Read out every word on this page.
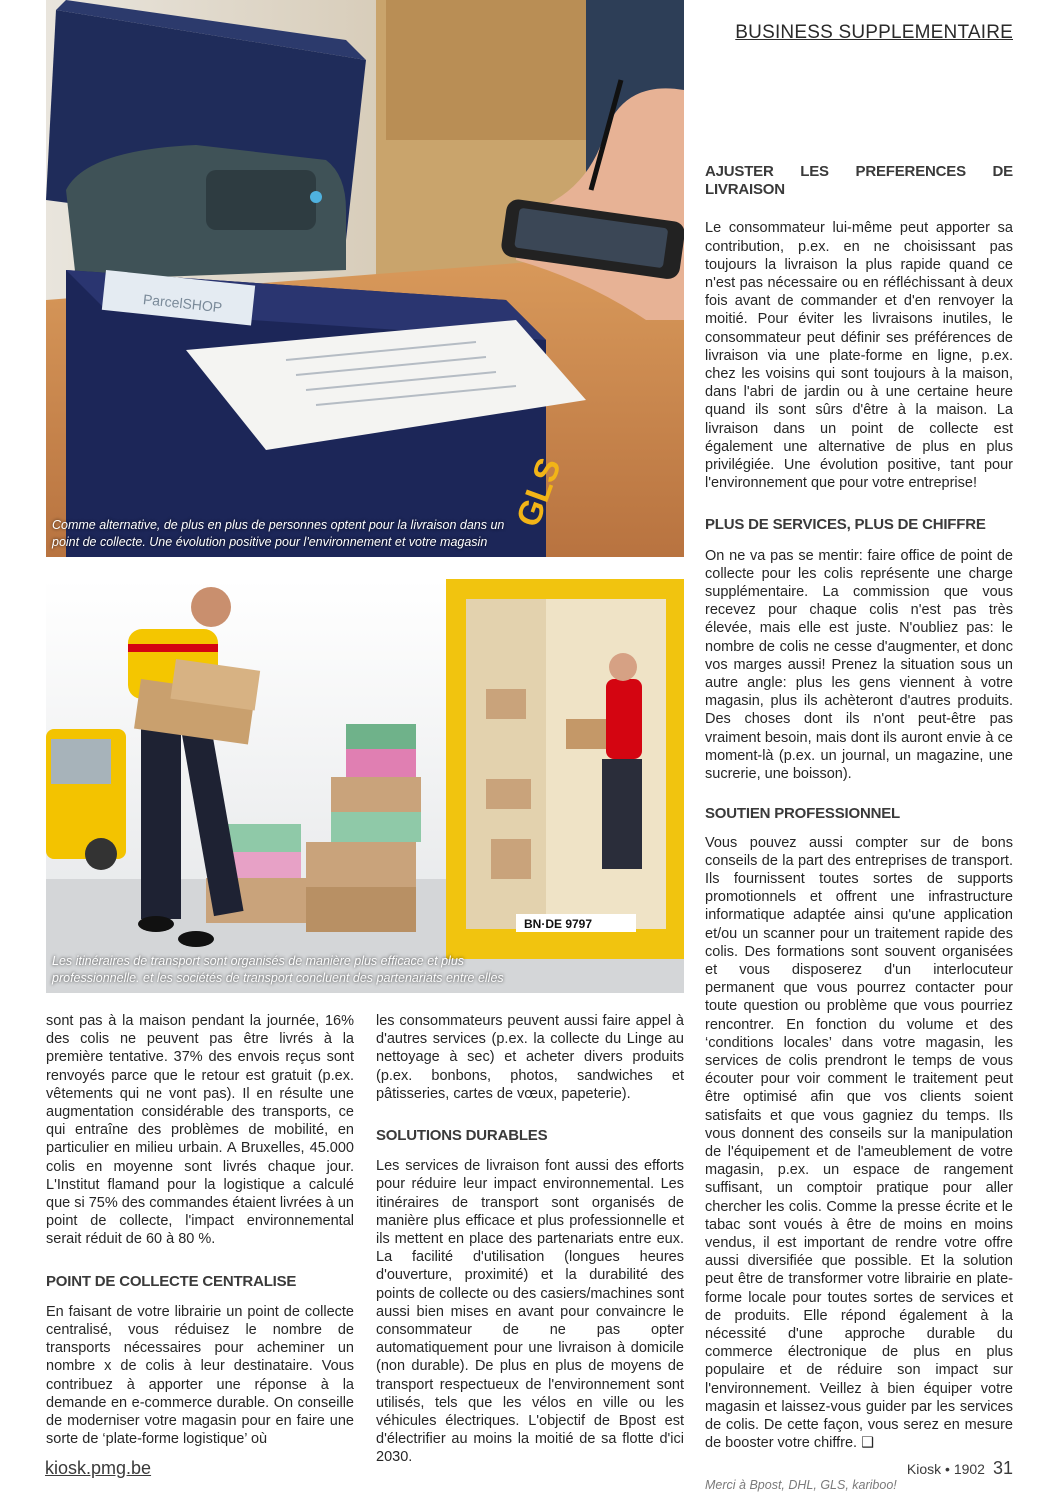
BUSINESS SUPPLEMENTAIRE
ParcelSHOP
GLS
Comme alternative, de plus en plus de personnes optent pour la livraison dans un point de collecte. Une évolution positive pour l'environnement et votre magasin
BN·DE 9797
Les itinéraires de transport sont organisés de manière plus efficace et plus professionnelle. et les sociétés de transport concluent des partenariats entre elles

sont pas à la maison pendant la journée, 16% des colis ne peuvent pas être livrés à la première tentative. 37% des envois reçus sont renvoyés parce que le retour est gratuit (p.ex. vêtements qui ne vont pas). Il en résulte une augmentation considérable des transports, ce qui entraîne des problèmes de mobilité, en particulier en milieu urbain. A Bruxelles, 45.000 colis en moyenne sont livrés chaque jour. L'Institut flamand pour la logistique a calculé que si 75% des commandes étaient livrées à un point de collecte, l'impact environnemental serait réduit de 60 à 80 %.

POINT DE COLLECTE CENTRALISE

En faisant de votre librairie un point de collecte centralisé, vous réduisez le nombre de transports nécessaires pour acheminer un nombre x de colis à leur destinataire. Vous contribuez à apporter une réponse à la demande en e-commerce durable. On conseille de moderniser votre magasin pour en faire une sorte de ‘plate-forme logistique’ où

les consommateurs peuvent aussi faire appel à d'autres services (p.ex. la collecte du Linge au nettoyage à sec) et acheter divers produits (p.ex. bonbons, photos, sandwiches et pâtisseries, cartes de vœux, papeterie).

SOLUTIONS DURABLES

Les services de livraison font aussi des efforts pour réduire leur impact environnemental. Les itinéraires de transport sont organisés de manière plus efficace et plus professionnelle et ils mettent en place des partenariats entre eux. La facilité d'utilisation (longues heures d'ouverture, proximité) et la durabilité des points de collecte ou des casiers/machines sont aussi bien mises en avant pour convaincre le consommateur de ne pas opter automatiquement pour une livraison à domicile (non durable). De plus en plus de moyens de transport respectueux de l'environnement sont utilisés, tels que les vélos en ville ou les véhicules électriques. L'objectif de Bpost est d'électrifier au moins la moitié de sa flotte d'ici 2030.

AJUSTER LES PREFERENCES DE LIVRAISON

Le consommateur lui-même peut apporter sa contribution, p.ex. en ne choisissant pas toujours la livraison la plus rapide quand ce n'est pas nécessaire ou en réfléchissant à deux fois avant de commander et d'en renvoyer la moitié. Pour éviter les livraisons inutiles, le consommateur peut définir ses préférences de livraison via une plate-forme en ligne, p.ex. chez les voisins qui sont toujours à la maison, dans l'abri de jardin ou à une certaine heure quand ils sont sûrs d'être à la maison. La livraison dans un point de collecte est également une alternative de plus en plus privilégiée. Une évolution positive, tant pour l'environnement que pour votre entreprise!

PLUS DE SERVICES, PLUS DE CHIFFRE

On ne va pas se mentir: faire office de point de collecte pour les colis représente une charge supplémentaire. La commission que vous recevez pour chaque colis n'est pas très élevée, mais elle est juste. N'oubliez pas: le nombre de colis ne cesse d'augmenter, et donc vos marges aussi! Prenez la situation sous un autre angle: plus les gens viennent à votre magasin, plus ils achèteront d'autres produits. Des choses dont ils n'ont peut-être pas vraiment besoin, mais dont ils auront envie à ce moment-là (p.ex. un journal, un magazine, une sucrerie, une boisson).

SOUTIEN PROFESSIONNEL

Vous pouvez aussi compter sur de bons conseils de la part des entreprises de transport. Ils fournissent toutes sortes de supports promotionnels et offrent une infrastructure informatique adaptée ainsi qu'une application et/ou un scanner pour un traitement rapide des colis. Des formations sont souvent organisées et vous disposerez d'un interlocuteur permanent que vous pourrez contacter pour toute question ou problème que vous pourriez rencontrer. En fonction du volume et des ‘conditions locales’ dans votre magasin, les services de colis prendront le temps de vous écouter pour voir comment le traitement peut être optimisé afin que vos clients soient satisfaits et que vous gagniez du temps. Ils vous donnent des conseils sur la manipulation de l'équipement et de l'ameublement de votre magasin, p.ex. un espace de rangement suffisant, un comptoir pratique pour aller chercher les colis. Comme la presse écrite et le tabac sont voués à être de moins en moins vendus, il est important de rendre votre offre aussi diversifiée que possible. Et la solution peut être de transformer votre librairie en plate-forme locale pour toutes sortes de services et de produits. Elle répond également à la nécessité d'une approche durable du commerce électronique de plus en plus populaire et de réduire son impact sur l'environnement. Veillez à bien équiper votre magasin et laissez-vous guider par les services de colis. De cette façon, vous serez en mesure de booster votre chiffre. ❑

Merci à Bpost, DHL, GLS, kariboo!

kiosk.pmg.be	Kiosk • 1902 31
